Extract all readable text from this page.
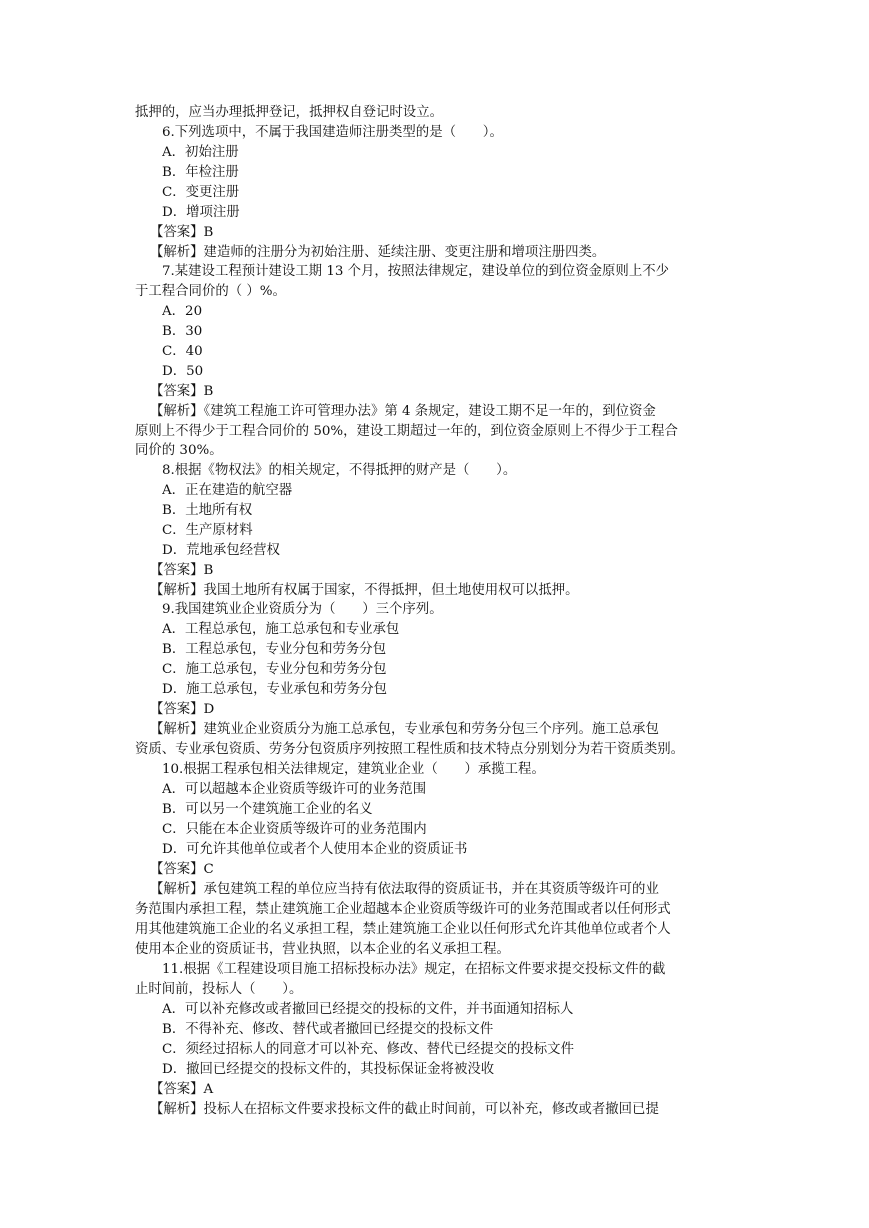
抵押的，应当办理抵押登记，抵押权自登记时设立。
6.下列选项中，不属于我国建造师注册类型的是（　　）。
A．初始注册
B．年检注册
C．变更注册
D．增项注册
【答案】B
【解析】建造师的注册分为初始注册、延续注册、变更注册和增项注册四类。
7.某建设工程预计建设工期 13 个月，按照法律规定，建设单位的到位资金原则上不少
于工程合同价的（ ）%。
A．20
B．30
C．40
D．50
【答案】B
【解析】《建筑工程施工许可管理办法》第 4 条规定，建设工期不足一年的，到位资金
原则上不得少于工程合同价的 50%，建设工期超过一年的，到位资金原则上不得少于工程合
同价的 30%。
8.根据《物权法》的相关规定，不得抵押的财产是（　　）。
A．正在建造的航空器
B．土地所有权
C．生产原材料
D．荒地承包经营权
【答案】B
【解析】我国土地所有权属于国家，不得抵押，但土地使用权可以抵押。
9.我国建筑业企业资质分为（　　）三个序列。
A．工程总承包，施工总承包和专业承包
B．工程总承包，专业分包和劳务分包
C．施工总承包，专业分包和劳务分包
D．施工总承包，专业承包和劳务分包
【答案】D
【解析】建筑业企业资质分为施工总承包，专业承包和劳务分包三个序列。施工总承包
资质、专业承包资质、劳务分包资质序列按照工程性质和技术特点分别划分为若干资质类别。
10.根据工程承包相关法律规定，建筑业企业（　　）承揽工程。
A．可以超越本企业资质等级许可的业务范围
B．可以另一个建筑施工企业的名义
C．只能在本企业资质等级许可的业务范围内
D．可允许其他单位或者个人使用本企业的资质证书
【答案】C
【解析】承包建筑工程的单位应当持有依法取得的资质证书，并在其资质等级许可的业
务范围内承担工程，禁止建筑施工企业超越本企业资质等级许可的业务范围或者以任何形式
用其他建筑施工企业的名义承担工程，禁止建筑施工企业以任何形式允许其他单位或者个人
使用本企业的资质证书，营业执照，以本企业的名义承担工程。
11.根据《工程建设项目施工招标投标办法》规定，在招标文件要求提交投标文件的截
止时间前，投标人（　　）。
A．可以补充修改或者撤回已经提交的投标的文件，并书面通知招标人
B．不得补充、修改、替代或者撤回已经提交的投标文件
C．须经过招标人的同意才可以补充、修改、替代已经提交的投标文件
D．撤回已经提交的投标文件的，其投标保证金将被没收
【答案】A
【解析】投标人在招标文件要求投标文件的截止时间前，可以补充，修改或者撤回已提
